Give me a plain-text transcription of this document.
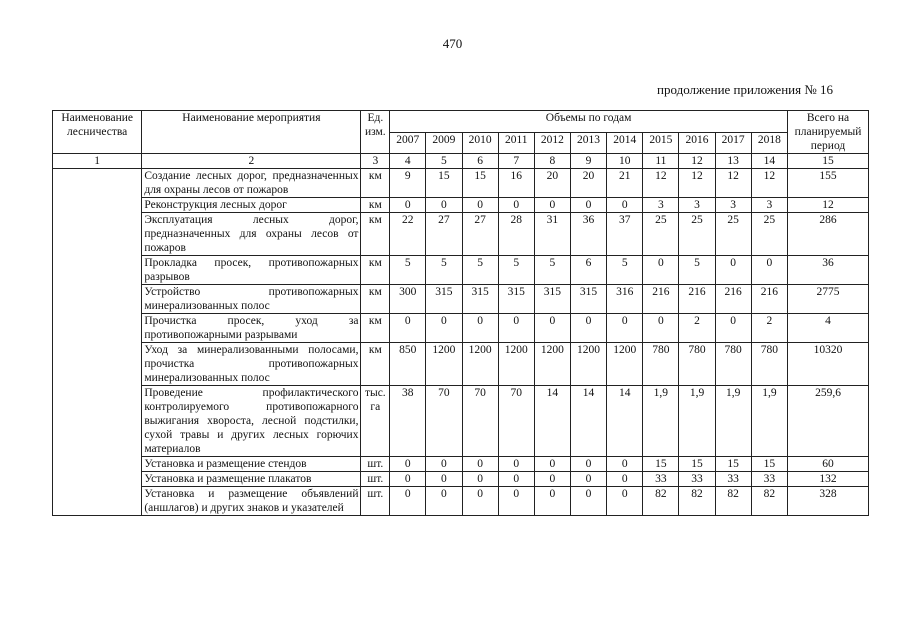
470
продолжение приложения № 16
Наименование лесничества	Наименование мероприятия	Ед. изм.	Объемы по годам											Всего на планируемый период
			2007	2009	2010	2011	2012	2013	2014	2015	2016	2017	2018	
1	2	3	4	5	6	7	8	9	10	11	12	13	14	15
	Создание лесных дорог, предназначенных для охраны лесов от пожаров	км	9	15	15	16	20	20	21	12	12	12	12	155
	Реконструкция лесных дорог	км	0	0	0	0	0	0	0	3	3	3	3	12
	Эксплуатация лесных дорог, предназначенных для охраны лесов от пожаров	км	22	27	27	28	31	36	37	25	25	25	25	286
	Прокладка просек, противопожарных разрывов	км	5	5	5	5	5	6	5	0	5	0	0	36
	Устройство противопожарных минерализованных полос	км	300	315	315	315	315	315	316	216	216	216	216	2775
	Прочистка просек, уход за противопожарными разрывами	км	0	0	0	0	0	0	0	0	2	0	2	4
	Уход за минерализованными полосами, прочистка противопожарных минерализованных полос	км	850	1200	1200	1200	1200	1200	1200	780	780	780	780	10320
	Проведение профилактического контролируемого противопожарного выжигания хвороста, лесной подстилки, сухой травы и других лесных горючих материалов	тыс. га	38	70	70	70	14	14	14	1,9	1,9	1,9	1,9	259,6
	Установка и размещение стендов	шт.	0	0	0	0	0	0	0	15	15	15	15	60
	Установка и размещение плакатов	шт.	0	0	0	0	0	0	0	33	33	33	33	132
	Установка и размещение объявлений (аншлагов) и других знаков и указателей	шт.	0	0	0	0	0	0	0	82	82	82	82	328
